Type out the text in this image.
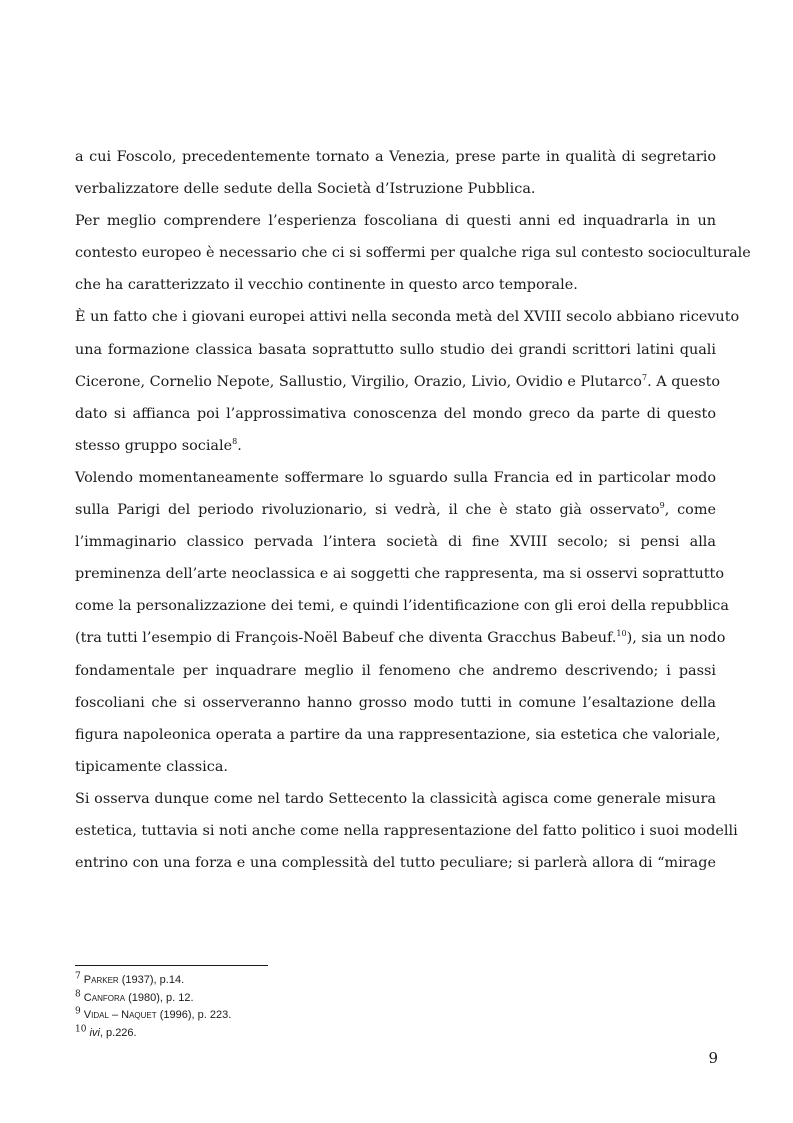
a cui Foscolo, precedentemente tornato a Venezia, prese parte in qualità di segretario
verbalizzatore delle sedute della Società d’Istruzione Pubblica.

Per meglio comprendere l’esperienza foscoliana di questi anni ed inquadrarla in un
contesto europeo è necessario che ci si soffermi per qualche riga sul contesto socioculturale
che ha caratterizzato il vecchio continente in questo arco temporale.

È un fatto che i giovani europei attivi nella seconda metà del XVIII secolo abbiano ricevuto
una formazione classica basata soprattutto sullo studio dei grandi scrittori latini quali
Cicerone, Cornelio Nepote, Sallustio, Virgilio, Orazio, Livio, Ovidio e Plutarco$^7$. A questo
dato si affianca poi l’approssimativa conoscenza del mondo greco da parte di questo
stesso gruppo sociale$^8$.

Volendo momentaneamente soffermare lo sguardo sulla Francia ed in particolar modo
sulla Parigi del periodo rivoluzionario, si vedrà, il che è stato già osservato$^9$, come
l’immaginario classico pervada l’intera società di fine XVIII secolo; si pensi alla
preminenza dell’arte neoclassica e ai soggetti che rappresenta, ma si osservi soprattutto
come la personalizzazione dei temi, e quindi l’identificazione con gli eroi della repubblica
(tra tutti l’esempio di François-Noël Babeuf che diventa Gracchus Babeuf.$^{10}$), sia un nodo
fondamentale per inquadrare meglio il fenomeno che andremo descrivendo; i passi
foscoliani che si osserveranno hanno grosso modo tutti in comune l’esaltazione della
figura napoleonica operata a partire da una rappresentazione, sia estetica che valoriale,
tipicamente classica.

Si osserva dunque come nel tardo Settecento la classicità agisca come generale misura
estetica, tuttavia si noti anche come nella rappresentazione del fatto politico i suoi modelli
entrino con una forza e una complessità del tutto peculiare; si parlerà allora di “mirage

$^7$ Parker (1937), p.14.
$^8$ Canfora (1980), p. 12.
$^9$ Vidal – Naquet (1996), p. 223.
$^{10}$ ivi, p.226.
9
